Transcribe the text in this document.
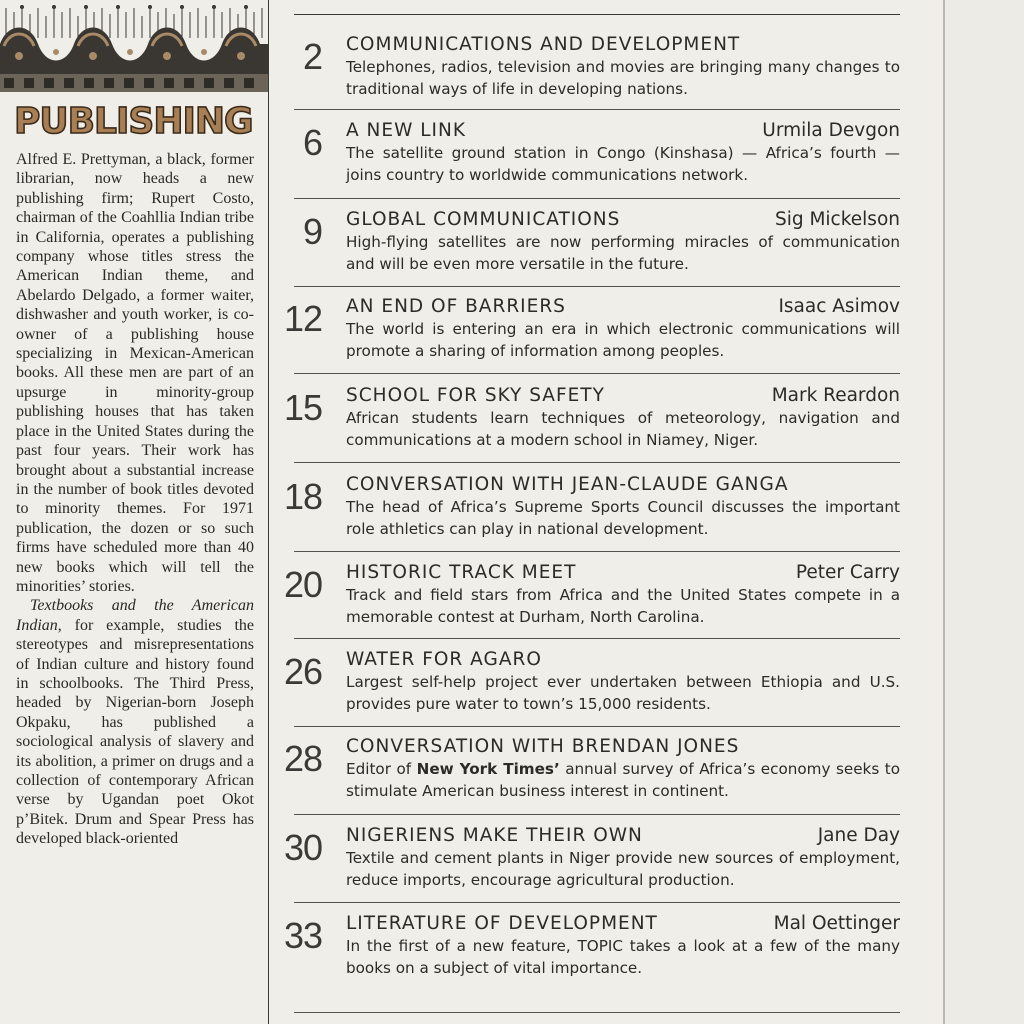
PUBLISHING

Alfred E. Prettyman, a black, former librarian, now heads a new publishing firm; Rupert Costo, chairman of the Coahllia Indian tribe in California, operates a publishing company whose titles stress the American Indian theme, and Abelardo Delgado, a former waiter, dishwasher and youth worker, is co-owner of a publishing house specializing in Mexican-American books. All these men are part of an upsurge in minority-group publishing houses that has taken place in the United States during the past four years. Their work has brought about a substantial increase in the number of book titles devoted to minority themes. For 1971 publication, the dozen or so such firms have scheduled more than 40 new books which will tell the minorities’ stories.

Textbooks and the American Indian, for example, studies the stereotypes and misrepresentations of Indian culture and history found in schoolbooks. The Third Press, headed by Nigerian-born Joseph Okpaku, has published a sociological analysis of slavery and its abolition, a primer on drugs and a collection of contemporary African verse by Ugandan poet Okot p’Bitek. Drum and Spear Press has developed black-oriented

2 COMMUNICATIONS AND DEVELOPMENT
Telephones, radios, television and movies are bringing many changes to traditional ways of life in developing nations.
6 A NEW LINK	Urmila Devgon
The satellite ground station in Congo (Kinshasa) — Africa’s fourth — joins country to worldwide communications network.
9 GLOBAL COMMUNICATIONS	Sig Mickelson
High-flying satellites are now performing miracles of communication and will be even more versatile in the future.
12 AN END OF BARRIERS	Isaac Asimov
The world is entering an era in which electronic communications will promote a sharing of information among peoples.
15 SCHOOL FOR SKY SAFETY	Mark Reardon
African students learn techniques of meteorology, navigation and communications at a modern school in Niamey, Niger.
18 CONVERSATION WITH JEAN-CLAUDE GANGA
The head of Africa’s Supreme Sports Council discusses the important role athletics can play in national development.
20 HISTORIC TRACK MEET	Peter Carry
Track and field stars from Africa and the United States compete in a memorable contest at Durham, North Carolina.
26 WATER FOR AGARO
Largest self-help project ever undertaken between Ethiopia and U.S. provides pure water to town’s 15,000 residents.
28 CONVERSATION WITH BRENDAN JONES
Editor of New York Times’ annual survey of Africa’s economy seeks to stimulate American business interest in continent.
30 NIGERIENS MAKE THEIR OWN	Jane Day
Textile and cement plants in Niger provide new sources of employment, reduce imports, encourage agricultural production.
33 LITERATURE OF DEVELOPMENT	Mal Oettinger
In the first of a new feature, TOPIC takes a look at a few of the many books on a subject of vital importance.
